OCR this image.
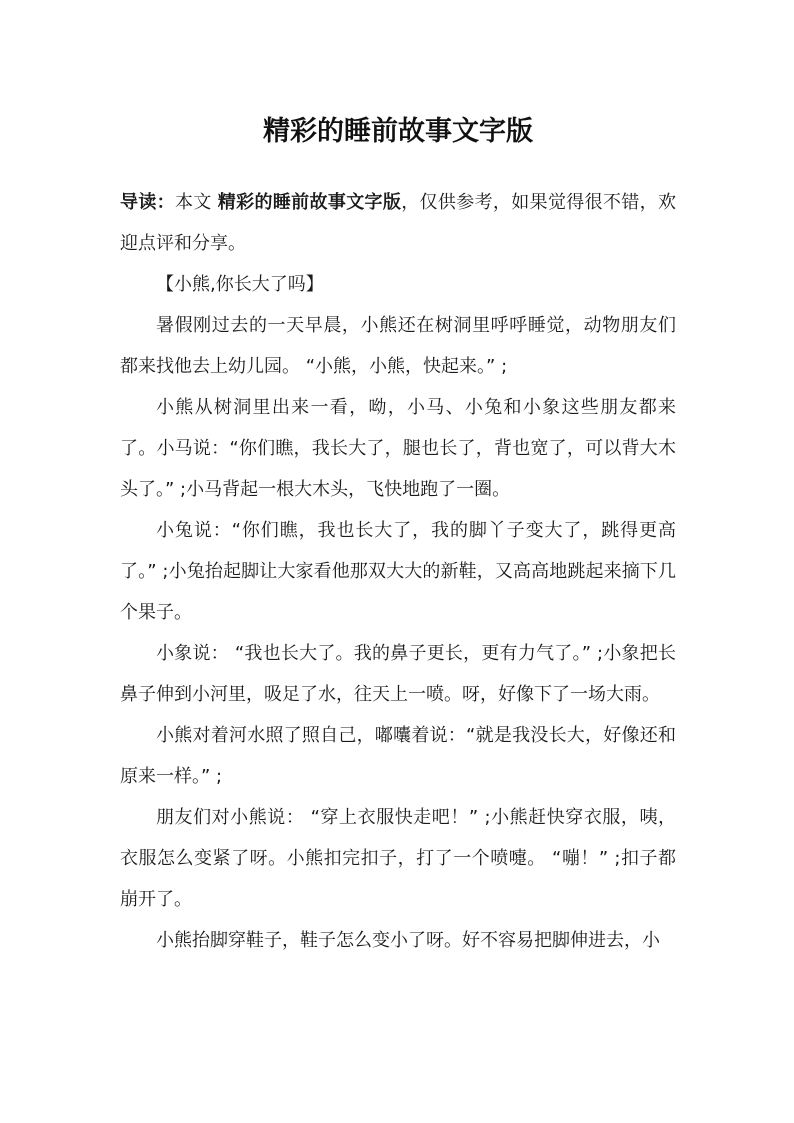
精彩的睡前故事文字版

导读：本文 精彩的睡前故事文字版，仅供参考，如果觉得很不错，欢迎点评和分享。

【小熊,你长大了吗】

暑假刚过去的一天早晨，小熊还在树洞里呼呼睡觉，动物朋友们都来找他去上幼儿园。 “小熊，小熊，快起来。” ;

小熊从树洞里出来一看，呦，小马、小兔和小象这些朋友都来了。小马说：“你们瞧，我长大了，腿也长了，背也宽了，可以背大木头了。” ;小马背起一根大木头，飞快地跑了一圈。

小兔说：“你们瞧，我也长大了，我的脚丫子变大了，跳得更高了。” ;小兔抬起脚让大家看他那双大大的新鞋，又高高地跳起来摘下几个果子。

小象说： “我也长大了。我的鼻子更长，更有力气了。” ;小象把长鼻子伸到小河里，吸足了水，往天上一喷。呀，好像下了一场大雨。

小熊对着河水照了照自己，嘟囔着说：“就是我没长大，好像还和原来一样。” ;

朋友们对小熊说： “穿上衣服快走吧！” ;小熊赶快穿衣服，咦，衣服怎么变紧了呀。小熊扣完扣子，打了一个喷嚏。 “嘣！” ;扣子都崩开了。

小熊抬脚穿鞋子，鞋子怎么变小了呀。好不容易把脚伸进去，小
